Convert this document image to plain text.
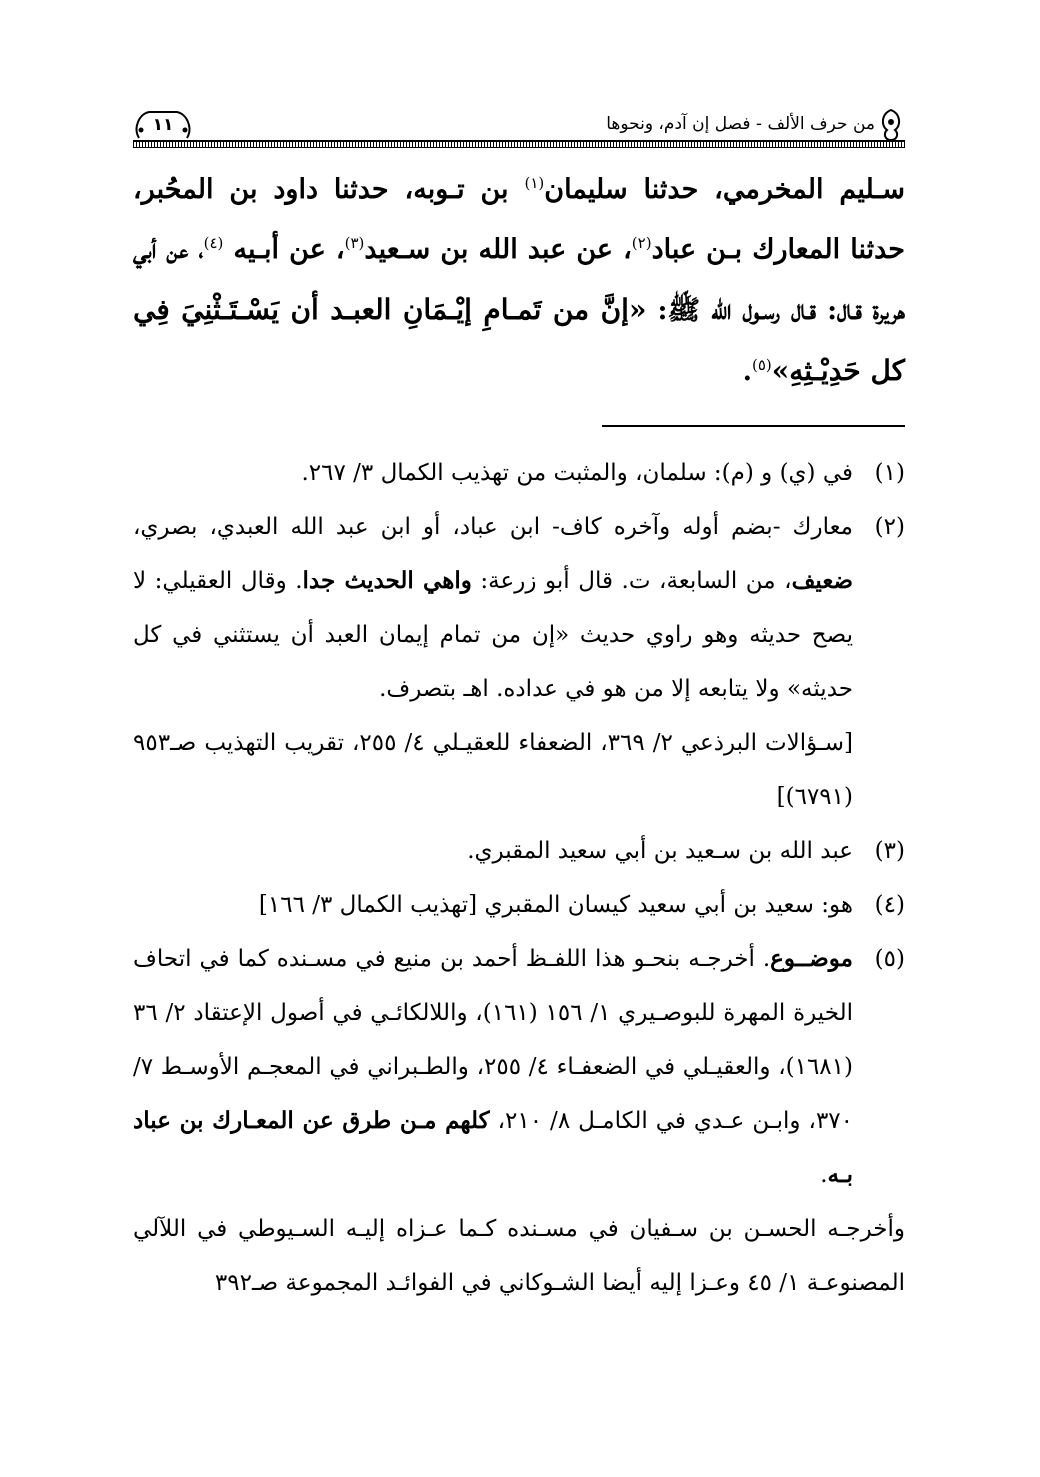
من حرف الألف - فصل إن آدم، ونحوها
١١

سـليم المخرمي، حدثنا سليمان$^{(١)}$ بن تـوبه، حدثنا داود بن المحُبر، حدثنا المعارك بـن عباد$^{(٢)}$، عن عبد الله بن سـعيد$^{(٣)}$، عن أبـيه $^{(٤)}$، عن أبي هريرة قـال: قـال رسـول الله ﷺ: «إنَّ من تَمـامِ إيْـمَانِ العبـد أن يَسْـتَـثْنِيَ فِي كل حَدِيْـثِهِ»$^{(٥)}$.

(١)
في (ي) و (م): سلمان، والمثبت من تهذيب الكمال ٣/ ٢٦٧.
(٢)
معارك -بضم أوله وآخره كاف- ابن عباد، أو ابن عبد الله العبدي، بصري، ضعيف، من السابعة، ت. قال أبو زرعة: واهي الحديث جدا. وقال العقيلي: لا يصح حديثه وهو راوي حديث «إن من تمام إيمان العبد أن يستثني في كل حديثه» ولا يتابعه إلا من هو في عداده. اهـ بتصرف.
[سـؤالات البرذعي ٢/ ٣٦٩، الضعفاء للعقيـلي ٤/ ٢٥٥، تقريب التهذيب صـ٩٥٣ (٦٧٩١)]
(٣)
عبد الله بن سـعيد بن أبي سعيد المقبري.
(٤)
هو: سعيد بن أبي سعيد كيسان المقبري [تهذيب الكمال ٣/ ١٦٦]
(٥)
موضــوع. أخرجـه بنحـو هذا اللفـظ أحمد بن منيع في مسـنده كما في اتحاف الخيرة المهرة للبوصـيري ١/ ١٥٦ (١٦١)، واللالكائـي في أصول الإعتقاد ٢/ ٣٦ (١٦٨١)، والعقيـلي في الضعفـاء ٤/ ٢٥٥، والطـبراني في المعجـم الأوسـط ٧/ ٣٧٠، وابـن عـدي في الكامـل ٨/ ٢١٠، كلهم مـن طرق عن المعـارك بن عباد بـه.
وأخرجـه الحسـن بن سـفيان في مسـنده كـما عـزاه إليـه السـيوطي في اللآلي المصنوعـة ١/ ٤٥ وعـزا إليه أيضا الشـوكاني في الفوائـد المجموعة صـ٣٩٢
